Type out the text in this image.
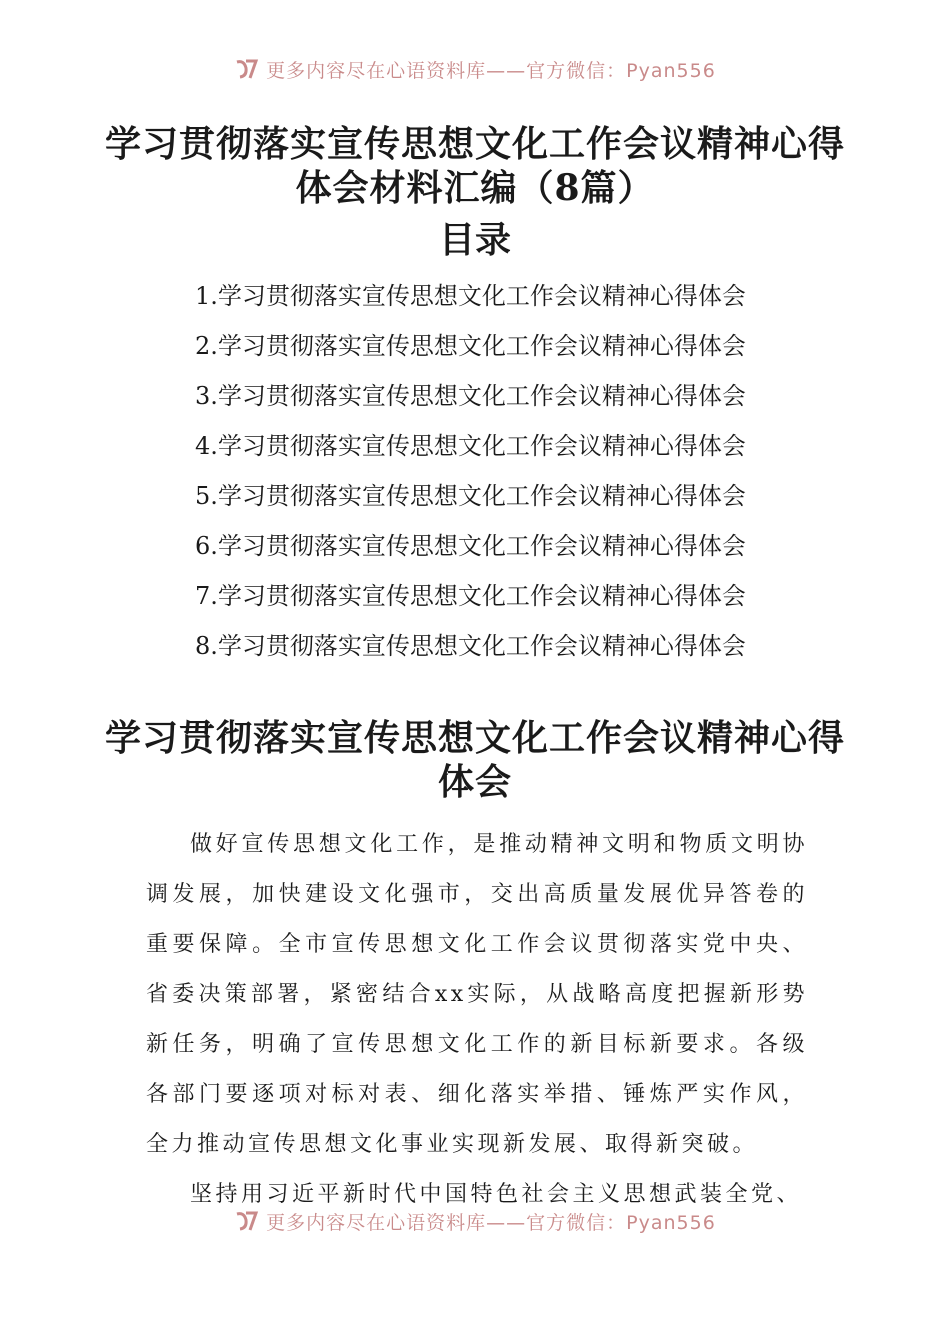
更多内容尽在心语资料库——官方微信：Pyan556
学习贯彻落实宣传思想文化工作会议精神心得体会材料汇编（8篇）
目录
1.学习贯彻落实宣传思想文化工作会议精神心得体会
2.学习贯彻落实宣传思想文化工作会议精神心得体会
3.学习贯彻落实宣传思想文化工作会议精神心得体会
4.学习贯彻落实宣传思想文化工作会议精神心得体会
5.学习贯彻落实宣传思想文化工作会议精神心得体会
6.学习贯彻落实宣传思想文化工作会议精神心得体会
7.学习贯彻落实宣传思想文化工作会议精神心得体会
8.学习贯彻落实宣传思想文化工作会议精神心得体会
学习贯彻落实宣传思想文化工作会议精神心得体会

做好宣传思想文化工作，是推动精神文明和物质文明协调发展，加快建设文化强市，交出高质量发展优异答卷的重要保障。全市宣传思想文化工作会议贯彻落实党中央、省委决策部署，紧密结合xx实际，从战略高度把握新形势新任务，明确了宣传思想文化工作的新目标新要求。各级各部门要逐项对标对表、细化落实举措、锤炼严实作风，全力推动宣传思想文化事业实现新发展、取得新突破。

坚持用习近平新时代中国特色社会主义思想武装全党、

更多内容尽在心语资料库——官方微信：Pyan556
